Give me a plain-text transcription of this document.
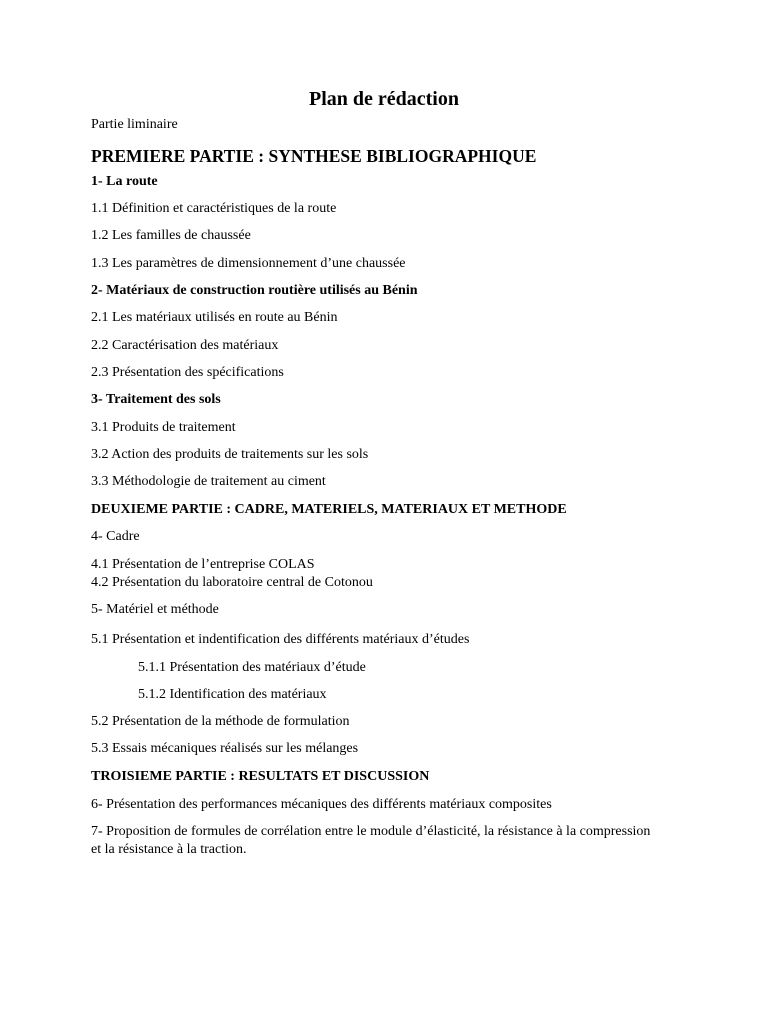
Plan de rédaction

Partie liminaire

PREMIERE PARTIE : SYNTHESE BIBLIOGRAPHIQUE

1- La route

1.1 Définition et caractéristiques de la route

1.2 Les familles de chaussée

1.3 Les paramètres de dimensionnement d’une chaussée

2- Matériaux de construction routière utilisés au Bénin

2.1 Les matériaux utilisés en route au Bénin

2.2 Caractérisation des matériaux

2.3 Présentation des spécifications

3- Traitement des sols

3.1 Produits de traitement

3.2 Action des produits de traitements sur les sols

3.3 Méthodologie de traitement au ciment

DEUXIEME PARTIE : CADRE, MATERIELS, MATERIAUX ET METHODE

4- Cadre

4.1 Présentation de l’entreprise COLAS

4.2 Présentation du laboratoire central de Cotonou

5- Matériel et méthode

5.1 Présentation et indentification des différents matériaux d’études

5.1.1 Présentation des matériaux d’étude

5.1.2 Identification des matériaux

5.2 Présentation de la méthode de formulation

5.3 Essais mécaniques réalisés sur les mélanges

TROISIEME PARTIE : RESULTATS ET DISCUSSION

6- Présentation des performances mécaniques des différents matériaux composites

7- Proposition de formules de corrélation entre le module d’élasticité, la résistance à la compression et la résistance à la traction.
